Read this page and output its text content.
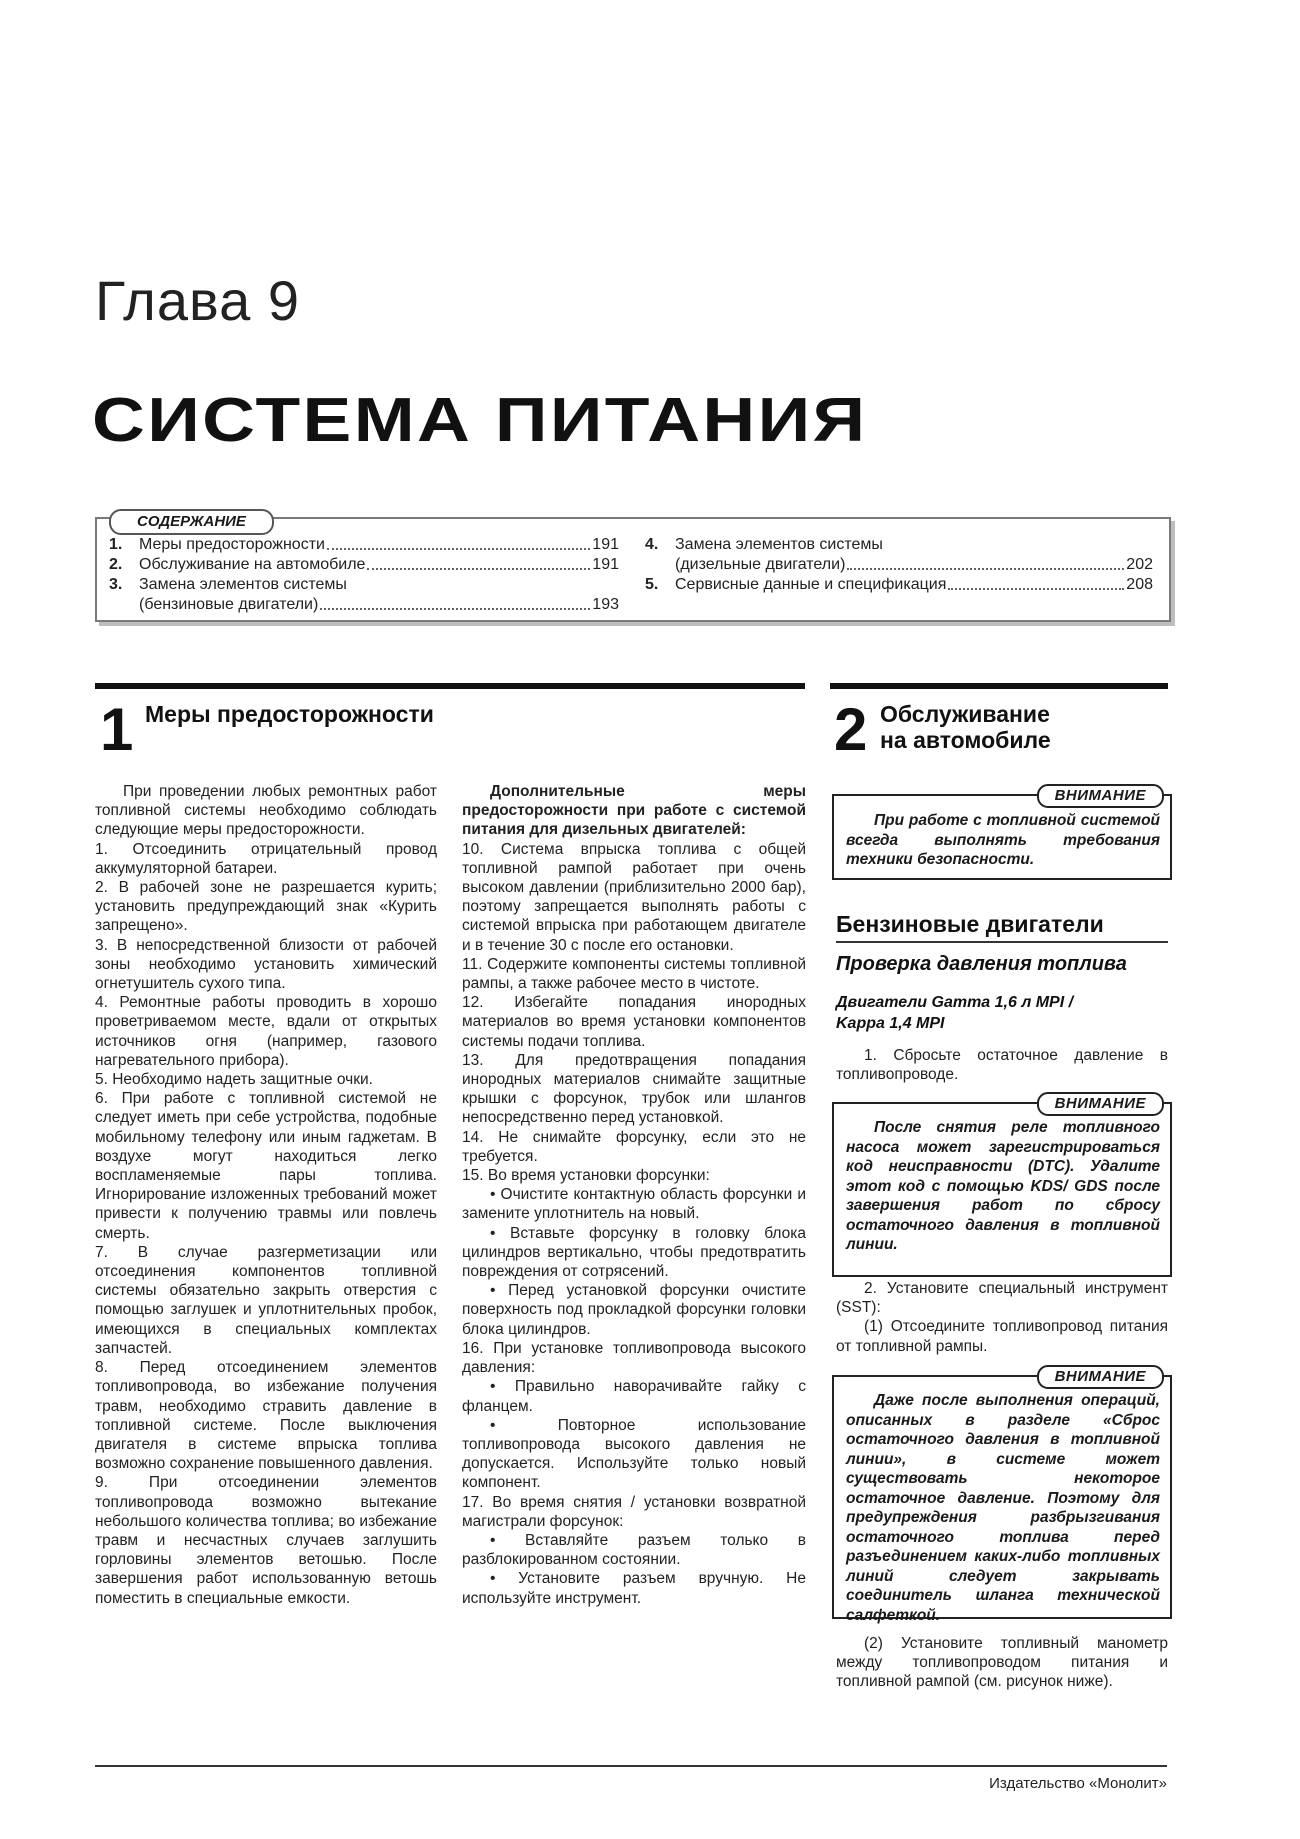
Глава 9
СИСТЕМА ПИТАНИЯ
СОДЕРЖАНИЕ
1.	Меры предосторожности	191
2.	Обслуживание на автомобиле	191
3.	Замена элементов системы
(бензиновые двигатели)	193
4.	Замена элементов системы
(дизельные двигатели)	202
5.	Сервисные данные и спецификация	208
1 Меры предосторожности	2 Обслуживание
на автомобиле

При проведении любых ремонтных работ топливной системы необходимо соблюдать следующие меры предосторожности.

1. Отсоединить отрицательный провод аккумуляторной батареи.

2. В рабочей зоне не разрешается курить; установить предупреждающий знак «Курить запрещено».

3. В непосредственной близости от рабочей зоны необходимо установить химический огнетушитель сухого типа.

4. Ремонтные работы проводить в хорошо проветриваемом месте, вдали от открытых источников огня (например, газового нагревательного прибора).

5. Необходимо надеть защитные очки.

6. При работе с топливной системой не следует иметь при себе устройства, подобные мобильному телефону или иным гаджетам. В воздухе могут находиться легко воспламеняемые пары топлива. Игнорирование изложенных требований может привести к получению травмы или повлечь смерть.

7. В случае разгерметизации или отсоединения компонентов топливной системы обязательно закрыть отверстия с помощью заглушек и уплотнительных пробок, имеющихся в специальных комплектах запчастей.

8. Перед отсоединением элементов топливопровода, во избежание получения травм, необходимо стравить давление в топливной системе. После выключения двигателя в системе впрыска топлива возможно сохранение повышенного давления.

9. При отсоединении элементов топливопровода возможно вытекание небольшого количества топлива; во избежание травм и несчастных случаев заглушить горловины элементов ветошью. После завершения работ использованную ветошь поместить в специальные емкости.

Дополнительные меры предосторожности при работе с системой питания для дизельных двигателей:

10. Система впрыска топлива с общей топливной рампой работает при очень высоком давлении (приблизительно 2000 бар), поэтому запрещается выполнять работы с системой впрыска при работающем двигателе и в течение 30 с после его остановки.

11. Содержите компоненты системы топливной рампы, а также рабочее место в чистоте.

12. Избегайте попадания инородных материалов во время установки компонентов системы подачи топлива.

13. Для предотвращения попадания инородных материалов снимайте защитные крышки с форсунок, трубок или шлангов непосредственно перед установкой.

14. Не снимайте форсунку, если это не требуется.

15. Во время установки форсунки:

• Очистите контактную область форсунки и замените уплотнитель на новый.

• Вставьте форсунку в головку блока цилиндров вертикально, чтобы предотвратить повреждения от сотрясений.

• Перед установкой форсунки очистите поверхность под прокладкой форсунки головки блока цилиндров.

16. При установке топливопровода высокого давления:

• Правильно наворачивайте гайку с фланцем.

• Повторное использование топливопровода высокого давления не допускается. Используйте только новый компонент.

17. Во время снятия / установки возвратной магистрали форсунок:

• Вставляйте разъем только в разблокированном состоянии.

• Установите разъем вручную. Не используйте инструмент.

ВНИМАНИЕ
При работе с топливной системой всегда выполнять требования техники безопасности.
Бензиновые двигатели
Проверка давления топлива
Двигатели Gamma 1,6 л MPI /
Kappa 1,4 MPI

1. Сбросьте остаточное давление в топливопроводе.

ВНИМАНИЕ
После снятия реле топливного насоса может зарегистрироваться код неисправности (DTC). Удалите этот код с помощью KDS/ GDS после завершения работ по сбросу остаточного давления в топливной линии.

2. Установите специальный инструмент (SST):

(1) Отсоедините топливопровод питания от топливной рампы.

ВНИМАНИЕ
Даже после выполнения операций, описанных в разделе «Сброс остаточного давления в топливной линии», в системе может существовать некоторое остаточное давление. Поэтому для предупреждения разбрызгивания остаточного топлива перед разъединением каких-либо топливных линий следует закрывать соединитель шланга технической салфеткой.

(2) Установите топливный манометр между топливопроводом питания и топливной рампой (см. рисунок ниже).

Издательство «Монолит»
